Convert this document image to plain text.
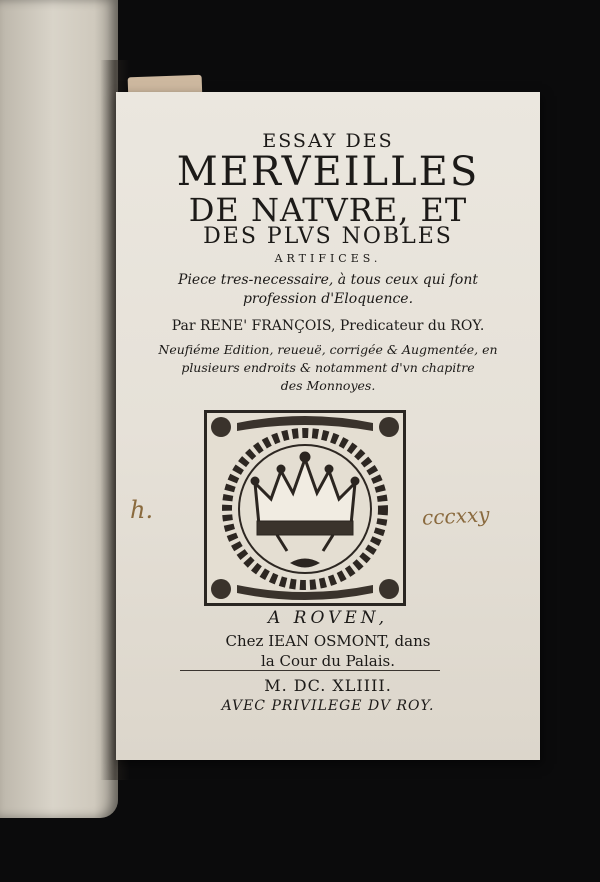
ESSAY DES
MERVEILLES
DE NATVRE, ET
DES PLVS NOBLES
ARTIFICES.
Piece tres-necessaire, à tous ceux qui font
profession d'Eloquence.
Par RENE' FRANÇOIS, Predicateur du ROY.
Neufiéme Edition, reueuë, corrigée & Augmentée, en
plusieurs endroits & notamment d'vn chapitre
des Monnoyes.
A ROVEN,
Chez IEAN OSMONT, dans
la Cour du Palais.
M. DC. XLIIII.
AVEC PRIVILEGE DV ROY.
h.	cccxxy
